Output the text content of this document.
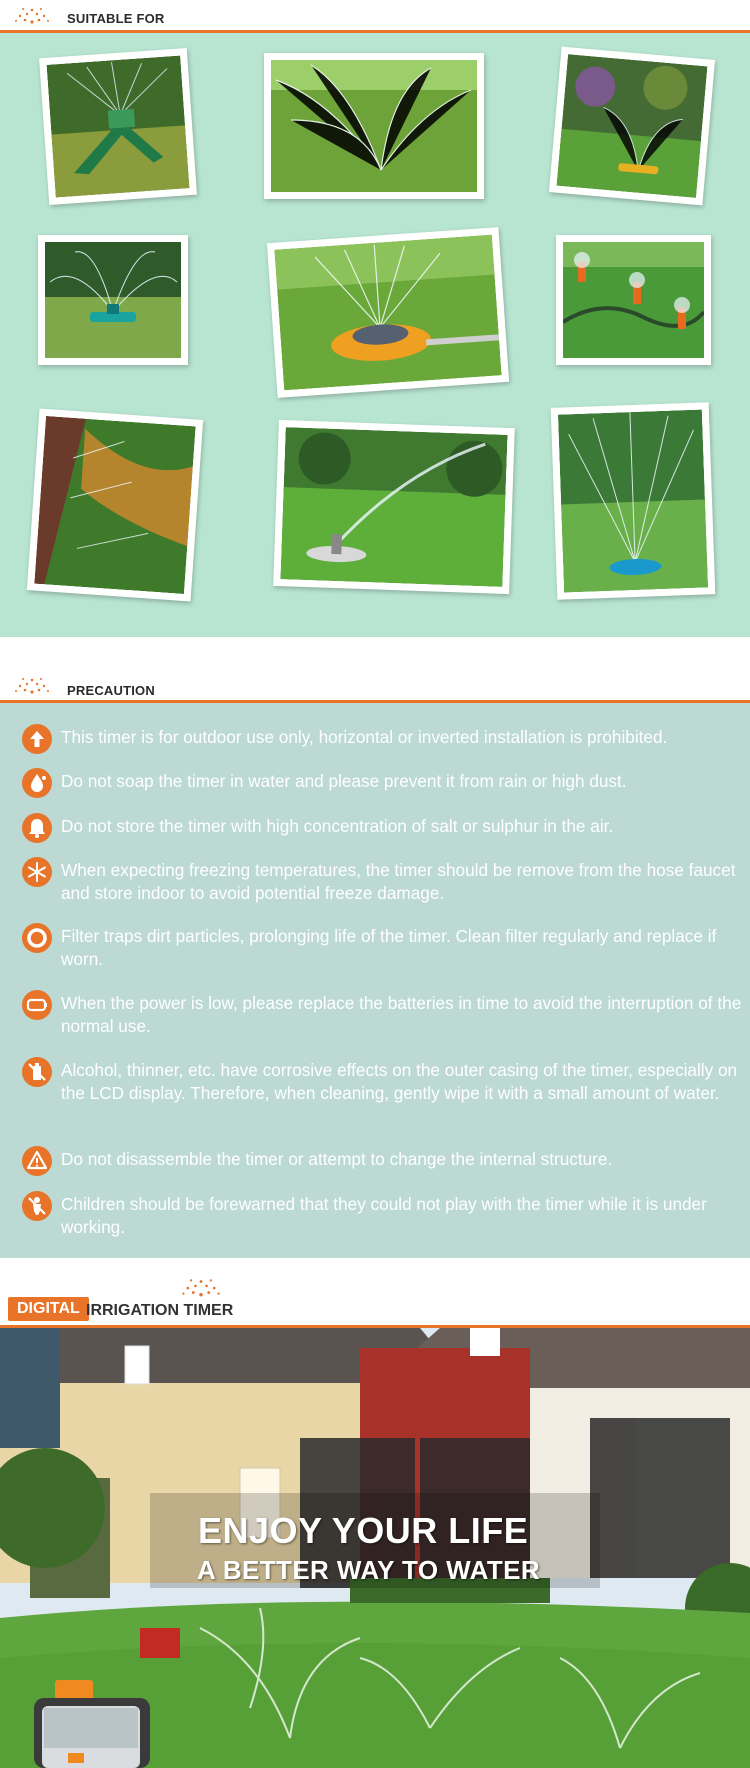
SUITABLE FOR
PRECAUTION
This timer is for outdoor use only, horizontal or inverted installation is prohibited.
Do not soap the timer in water and please prevent it from rain or high dust.
Do not store the timer with high concentration of salt or sulphur in the air.
When expecting freezing temperatures, the timer should be remove from the hose faucet and store indoor to avoid potential freeze damage.
Filter traps dirt particles, prolonging life of the timer. Clean filter regularly and replace if worn.
When the power is low, please replace the batteries in time to avoid the interruption of the normal use.
Alcohol, thinner, etc. have corrosive effects on the outer casing of the timer, especially on the LCD display. Therefore, when cleaning, gently wipe it with a small amount of water.
Do not disassemble the timer or attempt to change the internal structure.
Children should be forewarned that they could not play with the timer while it is under working.
DIGITAL IRRIGATION TIMER
ENJOY YOUR LIFE
A BETTER WAY TO WATER
